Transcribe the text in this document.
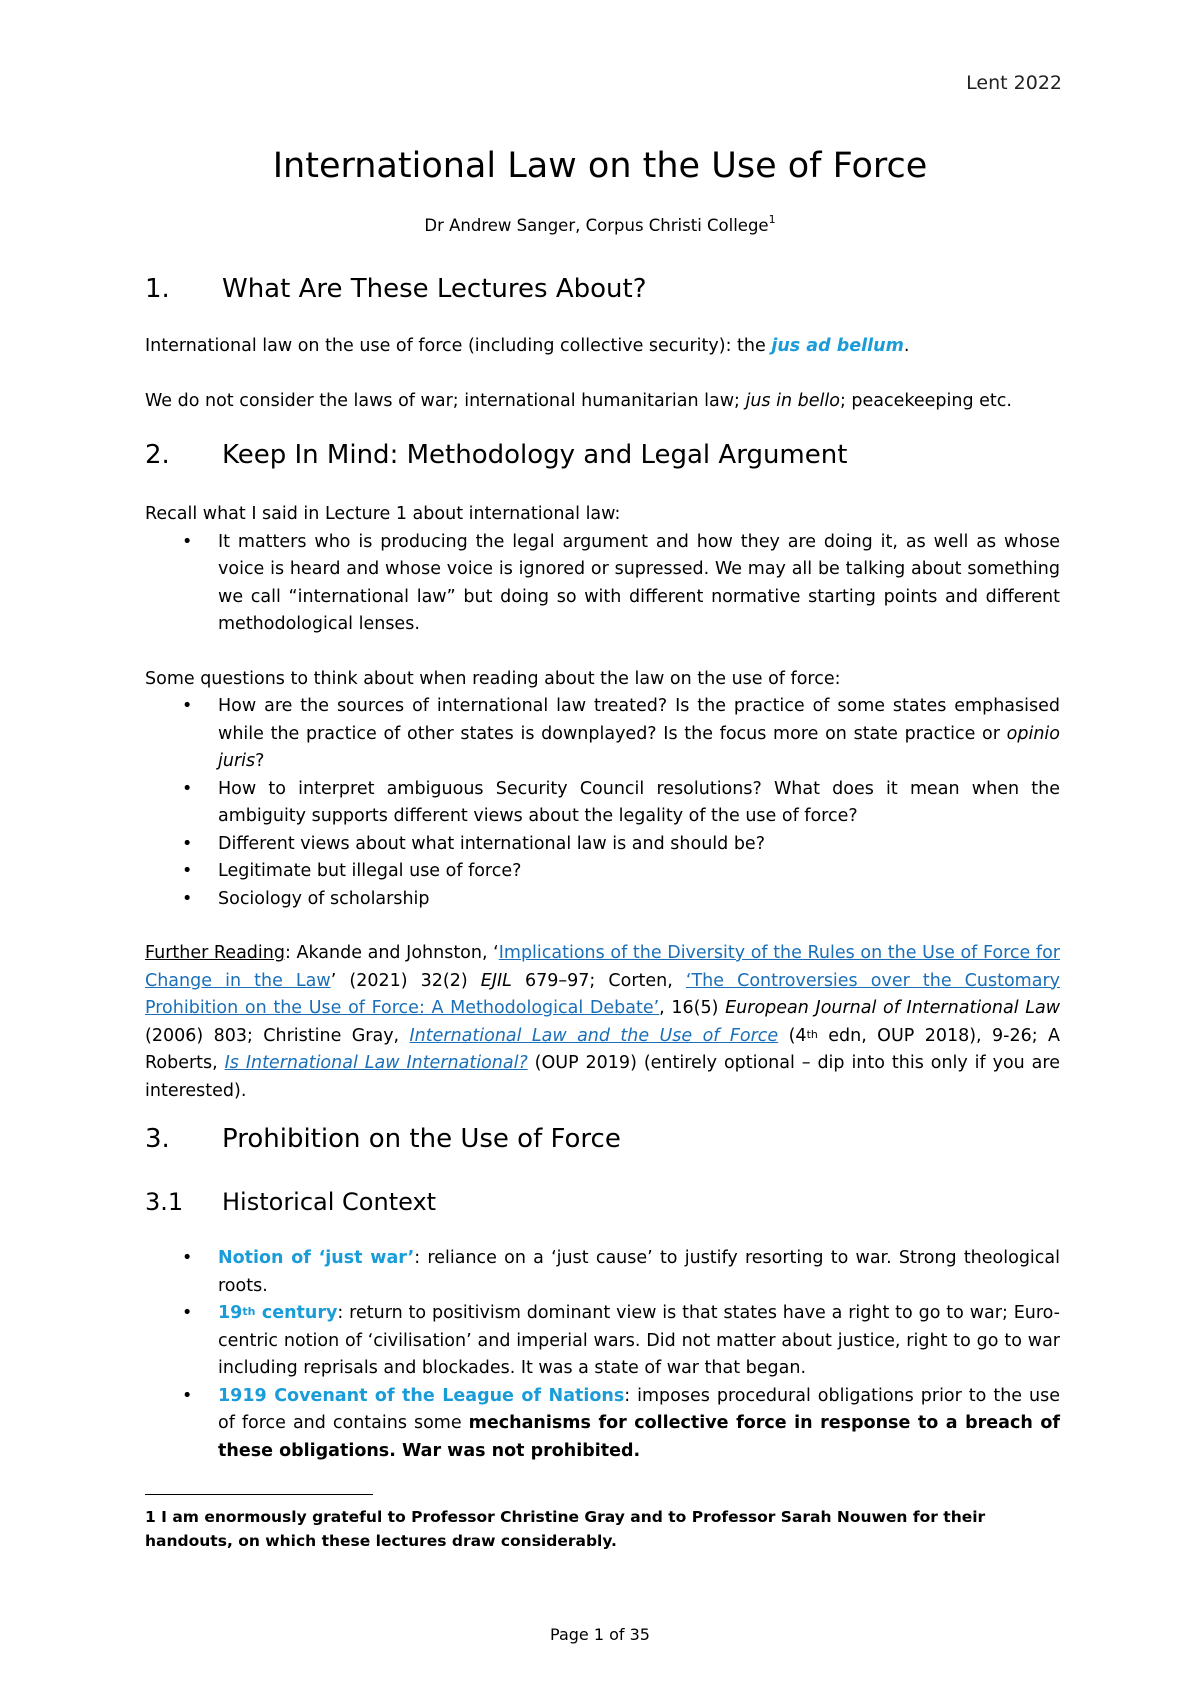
Lent 2022
International Law on the Use of Force
Dr Andrew Sanger, Corpus Christi College$^1$
1. What Are These Lectures About?

International law on the use of force (including collective security): the jus ad bellum.

We do not consider the laws of war; international humanitarian law; jus in bello; peacekeeping etc.

2. Keep In Mind: Methodology and Legal Argument

Recall what I said in Lecture 1 about international law:

• It matters who is producing the legal argument and how they are doing it, as well as whose voice is heard and whose voice is ignored or supressed. We may all be talking about something we call “international law” but doing so with different normative starting points and different methodological lenses.

Some questions to think about when reading about the law on the use of force:

• How are the sources of international law treated? Is the practice of some states emphasised while the practice of other states is downplayed? Is the focus more on state practice or opinio juris?
• How to interpret ambiguous Security Council resolutions? What does it mean when the ambiguity supports different views about the legality of the use of force?
• Different views about what international law is and should be?
• Legitimate but illegal use of force?
• Sociology of scholarship

Further Reading: Akande and Johnston, ‘Implications of the Diversity of the Rules on the Use of Force for Change in the Law’ (2021) 32(2) EJIL 679–97; Corten, ‘The Controversies over the Customary Prohibition on the Use of Force: A Methodological Debate’, 16(5) European Journal of International Law (2006) 803; Christine Gray, International Law and the Use of Force (4th edn, OUP 2018), 9-26; A Roberts, Is International Law International? (OUP 2019) (entirely optional – dip into this only if you are interested).

3. Prohibition on the Use of Force
3.1 Historical Context
• Notion of ‘just war’: reliance on a ‘just cause’ to justify resorting to war. Strong theological roots.
• 19th century: return to positivism dominant view is that states have a right to go to war; Euro-centric notion of ‘civilisation’ and imperial wars. Did not matter about justice, right to go to war including reprisals and blockades. It was a state of war that began.
• 1919 Covenant of the League of Nations: imposes procedural obligations prior to the use of force and contains some mechanisms for collective force in response to a breach of these obligations. War was not prohibited.
1 I am enormously grateful to Professor Christine Gray and to Professor Sarah Nouwen for their handouts, on which these lectures draw considerably.
Page 1 of 35
